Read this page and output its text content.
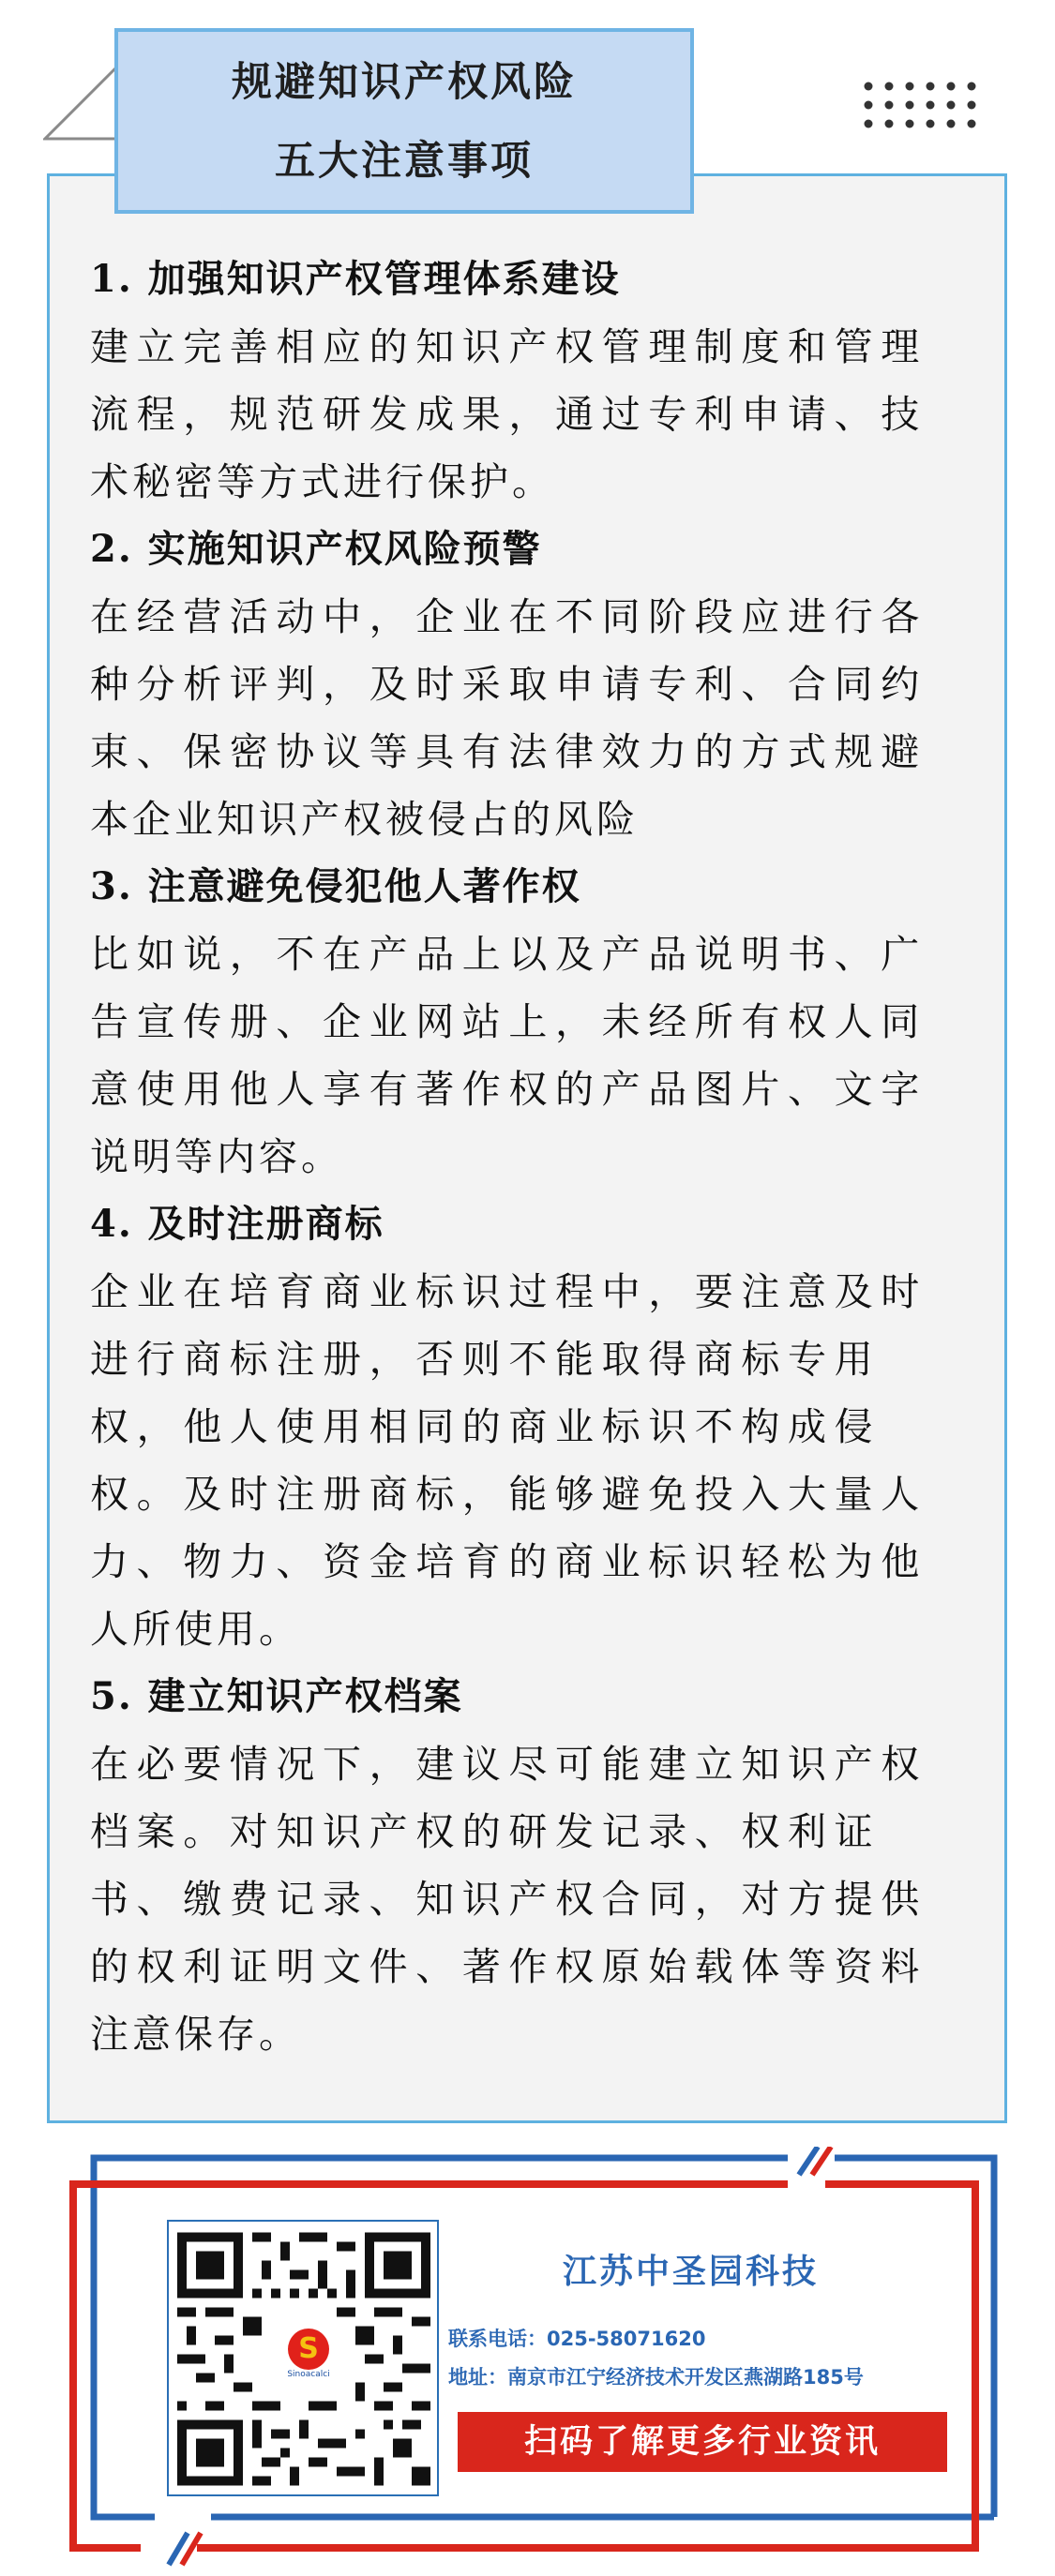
规避知识产权风险
五大注意事项
1. 加强知识产权管理体系建设

建立完善相应的知识产权管理制度和管理

流程，规范研发成果，通过专利申请、技

术秘密等方式进行保护。

2. 实施知识产权风险预警

在经营活动中，企业在不同阶段应进行各

种分析评判，及时采取申请专利、合同约

束、保密协议等具有法律效力的方式规避

本企业知识产权被侵占的风险

3. 注意避免侵犯他人著作权

比如说，不在产品上以及产品说明书、广

告宣传册、企业网站上，未经所有权人同

意使用他人享有著作权的产品图片、文字

说明等内容。

4. 及时注册商标

企业在培育商业标识过程中，要注意及时

进行商标注册，否则不能取得商标专用

权，他人使用相同的商业标识不构成侵

权。及时注册商标，能够避免投入大量人

力、物力、资金培育的商业标识轻松为他

人所使用。

5. 建立知识产权档案

在必要情况下，建议尽可能建立知识产权

档案。对知识产权的研发记录、权利证

书、缴费记录、知识产权合同，对方提供

的权利证明文件、著作权原始载体等资料

注意保存。

S
Sinoacalci
江苏中圣园科技
联系电话：025-58071620
地址：南京市江宁经济技术开发区燕湖路185号
扫码了解更多行业资讯
